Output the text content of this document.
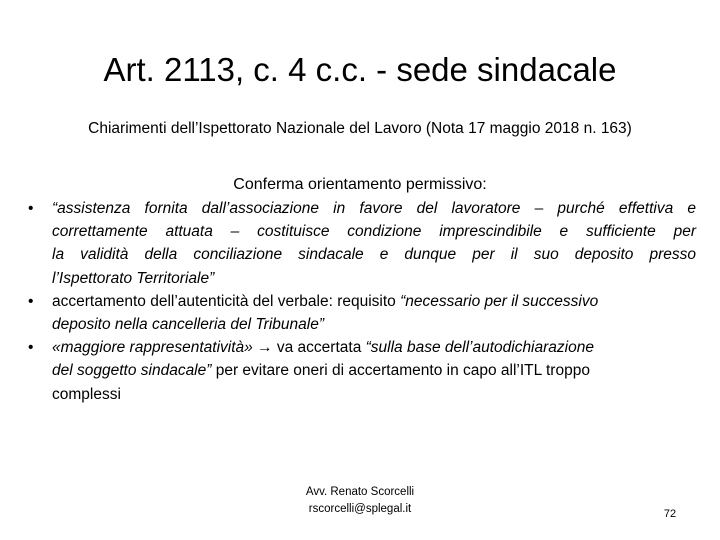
Art. 2113, c. 4 c.c. - sede sindacale
Chiarimenti dell’Ispettorato Nazionale del Lavoro (Nota 17 maggio 2018 n. 163)
Conferma orientamento permissivo:
•	“assistenza fornita dall’associazione in favore del lavoratore – purché effettiva e
correttamente attuata – costituisce condizione imprescindibile e sufficiente per
la validità della conciliazione sindacale e dunque per il suo deposito presso
l’Ispettorato Territoriale”
•	accertamento dell’autenticità del verbale: requisito “necessario per il successivo
deposito nella cancelleria del Tribunale”
•	«maggiore rappresentatività» → va accertata “sulla base dell’autodichiarazione
del soggetto sindacale” per evitare oneri di accertamento in capo all’ITL troppo
complessi
Avv. Renato Scorcelli
rscorcelli@splegal.it	72
